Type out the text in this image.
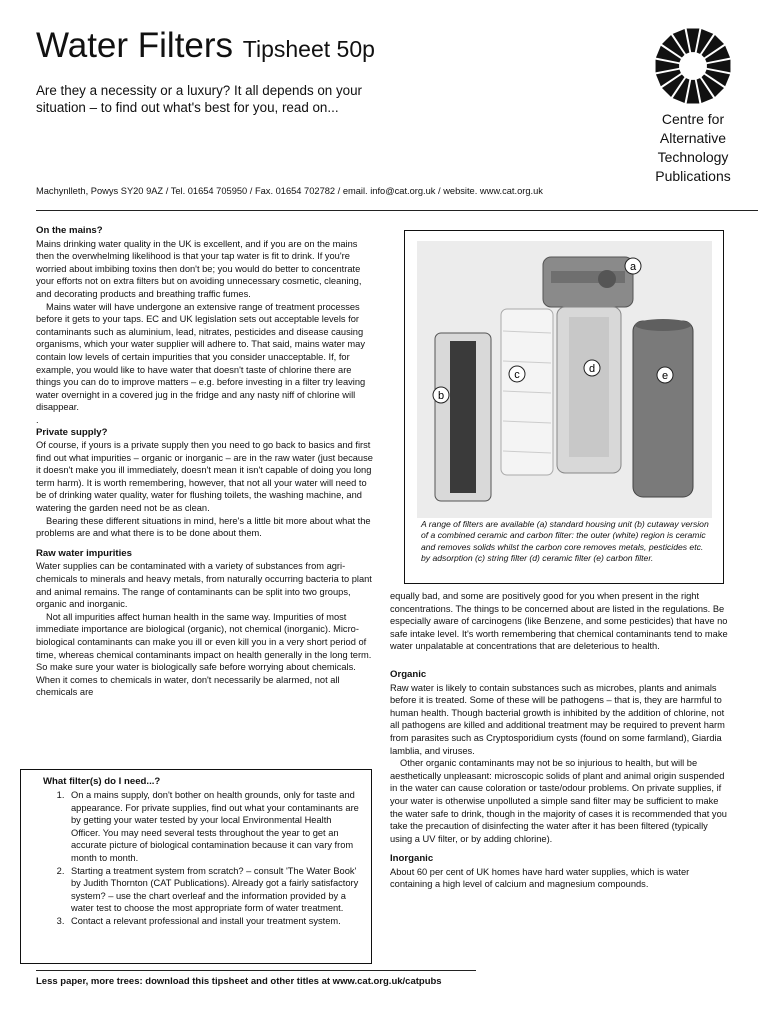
Water Filters Tipsheet 50p
Are they a necessity or a luxury? It all depends on your situation – to find out what's best for you, read on...
Centre for
Alternative
Technology
Publications
Machynlleth, Powys SY20 9AZ / Tel. 01654 705950 / Fax. 01654 702782 / email. info@cat.org.uk / website. www.cat.org.uk
On the mains?

Mains drinking water quality in the UK is excellent, and if you are on the mains then the overwhelming likelihood is that your tap water is fit to drink. If you're worried about imbibing toxins then don't be; you would do better to concentrate your efforts not on extra filters but on avoiding unnecessary cosmetic, cleaning, and decorating products and breathing traffic fumes.

Mains water will have undergone an extensive range of treatment processes before it gets to your taps. EC and UK legislation sets out acceptable levels for contaminants such as aluminium, lead, nitrates, pesticides and disease causing organisms, which your water supplier will adhere to. That said, mains water may contain low levels of certain impurities that you consider unacceptable. If, for example, you would like to have water that doesn't taste of chlorine there are things you can do to improve matters – e.g. before investing in a filter try leaving water overnight in a covered jug in the fridge and any nasty niff of chlorine will disappear.

.

Private supply?

Of course, if yours is a private supply then you need to go back to basics and first find out what impurities – organic or inorganic – are in the raw water (just because it doesn't make you ill immediately, doesn't mean it isn't capable of doing you long term harm). It is worth remembering, however, that not all your water will need to be of drinking water quality, water for flushing toilets, the washing machine, and watering the garden need not be as clean.

Bearing these different situations in mind, here's a little bit more about what the problems are and what there is to be done about them.

Raw water impurities

Water supplies can be contaminated with a variety of substances from agri-chemicals to minerals and heavy metals, from naturally occurring bacteria to plant and animal remains. The range of contaminants can be split into two groups, organic and inorganic.

Not all impurities affect human health in the same way. Impurities of most immediate importance are biological (organic), not chemical (inorganic). Micro-biological contaminants can make you ill or even kill you in a very short period of time, whereas chemical contaminants impact on health generally in the long term. So make sure your water is biologically safe before worrying about chemicals. When it comes to chemicals in water, don't necessarily be alarmed, not all chemicals are

a
b
c	d
e
A range of filters are available (a) standard housing unit (b) cutaway version of a combined ceramic and carbon filter: the outer (white) region is ceramic and removes solids whilst the carbon core removes metals, pesticides etc. by adsorption (c) string filter (d) ceramic filter (e) carbon filter.

equally bad, and some are positively good for you when present in the right concentrations. The things to be concerned about are listed in the regulations. Be especially aware of carcinogens (like Benzene, and some pesticides) that have no safe intake level. It's worth remembering that chemical contaminants tend to make water unpalatable at concentrations that are deleterious to health.

Organic

Raw water is likely to contain substances such as microbes, plants and animals before it is treated. Some of these will be pathogens – that is, they are harmful to human health. Though bacterial growth is inhibited by the addition of chlorine, not all pathogens are killed and additional treatment may be required to prevent harm from parasites such as Cryptosporidium cysts (found on some farmland), Giardia lamblia, and viruses.

Other organic contaminants may not be so injurious to health, but will be aesthetically unpleasant: microscopic solids of plant and animal origin suspended in the water can cause coloration or taste/odour problems. On private supplies, if your water is otherwise unpolluted a simple sand filter may be sufficient to make the water safe to drink, though in the majority of cases it is recommended that you take the precaution of disinfecting the water after it has been filtered (typically using a UV filter, or by adding chlorine).

Inorganic

About 60 per cent of UK homes have hard water supplies, which is water containing a high level of calcium and magnesium compounds.

What filter(s) do I need...?
1. On a mains supply, don't bother on health grounds, only for taste and appearance. For private supplies, find out what your contaminants are by getting your water tested by your local Environmental Health Officer. You may need several tests throughout the year to get an accurate picture of biological contamination because it can vary from month to month.
2. Starting a treatment system from scratch? – consult 'The Water Book' by Judith Thornton (CAT Publications). Already got a fairly satisfactory system? – use the chart overleaf and the information provided by a water test to choose the most appropriate form of water treatment.
3. Contact a relevant professional and install your treatment system.
Less paper, more trees: download this tipsheet and other titles at www.cat.org.uk/catpubs
